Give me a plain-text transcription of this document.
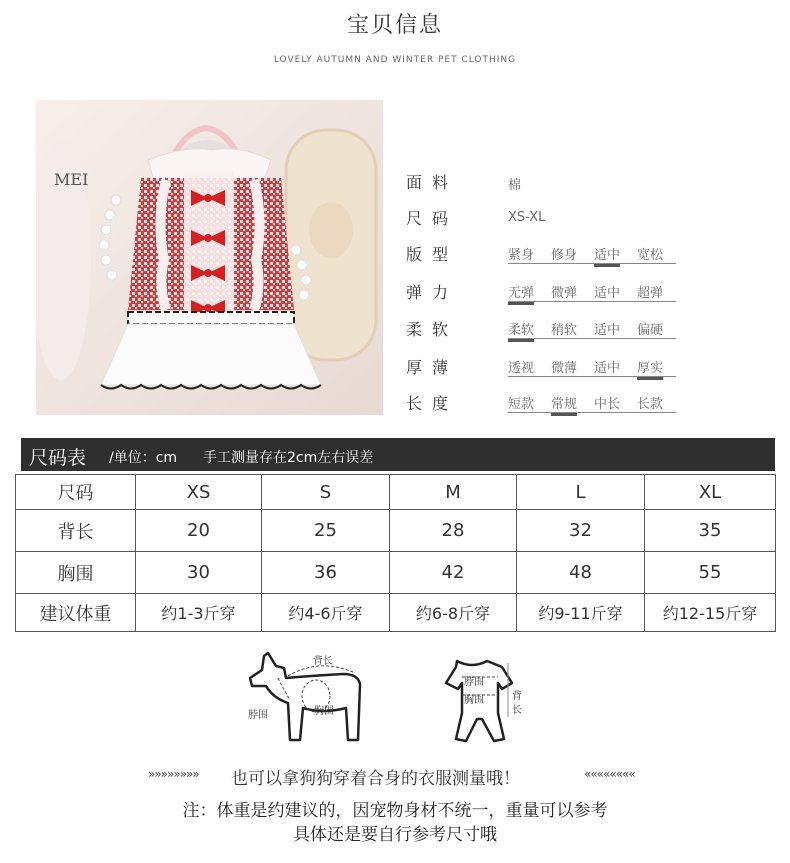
宝贝信息
LOVELY AUTUMN AND WINTER PET CLOTHING
MEI	面料	棉
尺码	XS-XL
版型	紧身 修身 适中 宽松
弹力	无弹 微弹 适中 超弹
柔软	柔软 稍软 适中 偏硬
厚薄	透视 微薄 适中 厚实
长度	短款 常规 中长 长款
尺码表 /单位：cm 手工测量存在2cm左右误差
尺码	XS	S	M	L	XL
背长	20	25	28	32	35
胸围	30	36	42	48	55
建议体重	约1-3斤穿	约4-6斤穿	约6-8斤穿	约9-11斤穿	约12-15斤穿
背长
脖围	胸围
脖围
胸围	背
长
»»»»»»»» 也可以拿狗狗穿着合身的衣服测量哦！	««««««««
注：体重是约建议的，因宠物身材不统一，重量可以参考
具体还是要自行参考尺寸哦
